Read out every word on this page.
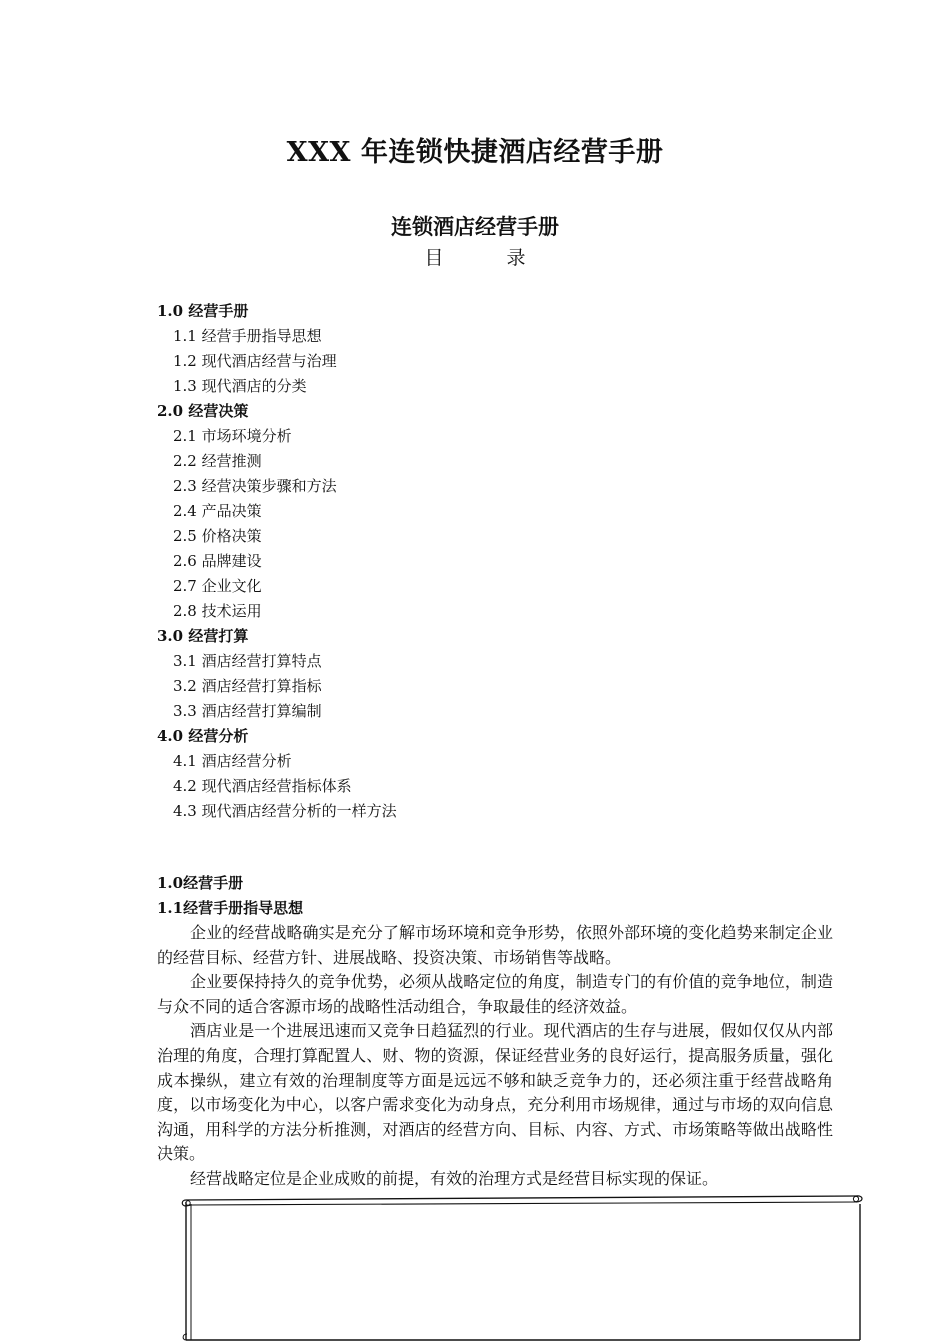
XXX 年连锁快捷酒店经营手册
连锁酒店经营手册
目　录
1.0 经营手册
1.1 经营手册指导思想
1.2 现代酒店经营与治理
1.3 现代酒店的分类
2.0 经营决策
2.1 市场环境分析
2.2 经营推测
2.3 经营决策步骤和方法
2.4 产品决策
2.5 价格决策
2.6 品牌建设
2.7 企业文化
2.8 技术运用
3.0 经营打算
3.1 酒店经营打算特点
3.2 酒店经营打算指标
3.3 酒店经营打算编制
4.0 经营分析
4.1 酒店经营分析
4.2 现代酒店经营指标体系
4.3 现代酒店经营分析的一样方法
1.0经营手册
1.1经营手册指导思想

企业的经营战略确实是充分了解市场环境和竞争形势，依照外部环境的变化趋势来制定企业的经营目标、经营方针、进展战略、投资决策、市场销售等战略。

企业要保持持久的竞争优势，必须从战略定位的角度，制造专门的有价值的竞争地位，制造与众不同的适合客源市场的战略性活动组合，争取最佳的经济效益。

酒店业是一个进展迅速而又竞争日趋猛烈的行业。现代酒店的生存与进展，假如仅仅从内部治理的角度，合理打算配置人、财、物的资源，保证经营业务的良好运行，提高服务质量，强化成本操纵，建立有效的治理制度等方面是远远不够和缺乏竞争力的，还必须注重于经营战略角度，以市场变化为中心，以客户需求变化为动身点，充分利用市场规律，通过与市场的双向信息沟通，用科学的方法分析推测，对酒店的经营方向、目标、内容、方式、市场策略等做出战略性决策。

经营战略定位是企业成败的前提，有效的治理方式是经营目标实现的保证。
